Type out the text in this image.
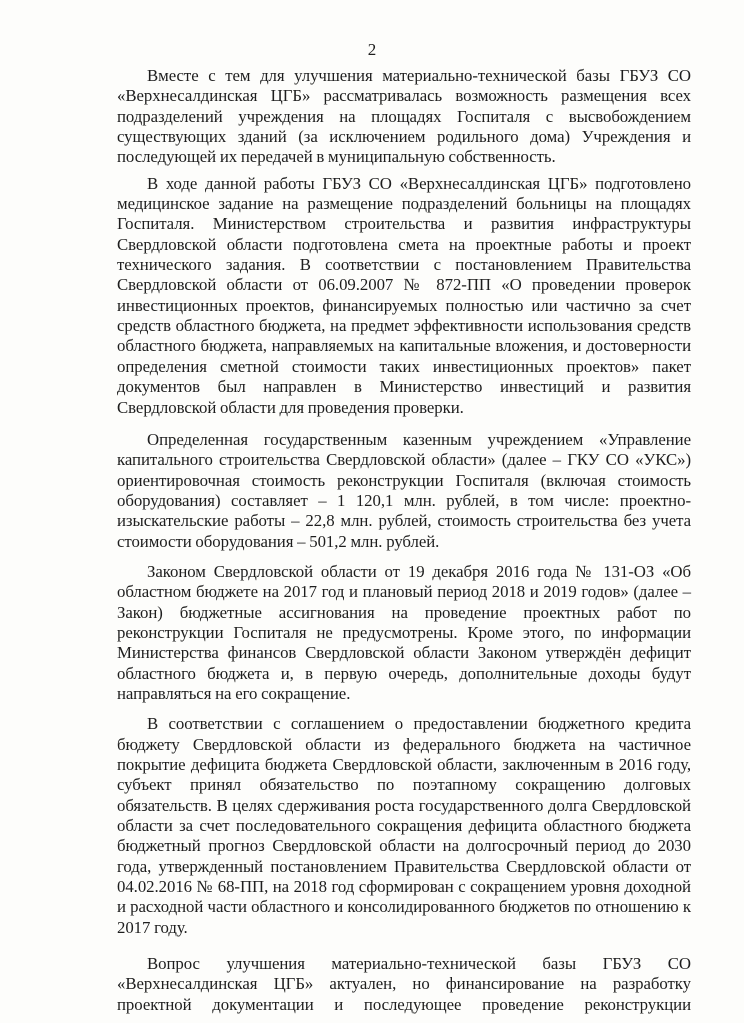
2

Вместе с тем для улучшения материально-технической базы ГБУЗ СО «Верхнесалдинская ЦГБ» рассматривалась возможность размещения всех подразделений учреждения на площадях Госпиталя с высвобождением существующих зданий (за исключением родильного дома) Учреждения и последующей их передачей в муниципальную собственность.

В ходе данной работы ГБУЗ СО «Верхнесалдинская ЦГБ» подготовлено медицинское задание на размещение подразделений больницы на площадях Госпиталя. Министерством строительства и развития инфраструктуры Свердловской области подготовлена смета на проектные работы и проект технического задания. В соответствии с постановлением Правительства Свердловской области от 06.09.2007 № 872-ПП «О проведении проверок инвестиционных проектов, финансируемых полностью или частично за счет средств областного бюджета, на предмет эффективности использования средств областного бюджета, направляемых на капитальные вложения, и достоверности определения сметной стоимости таких инвестиционных проектов» пакет документов был направлен в Министерство инвестиций и развития Свердловской области для проведения проверки.

Определенная государственным казенным учреждением «Управление капитального строительства Свердловской области» (далее – ГКУ СО «УКС») ориентировочная стоимость реконструкции Госпиталя (включая стоимость оборудования) составляет – 1 120,1 млн. рублей, в том числе: проектно-изыскательские работы – 22,8 млн. рублей, стоимость строительства без учета стоимости оборудования – 501,2 млн. рублей.

Законом Свердловской области от 19 декабря 2016 года № 131-ОЗ «Об областном бюджете на 2017 год и плановый период 2018 и 2019 годов» (далее – Закон) бюджетные ассигнования на проведение проектных работ по реконструкции Госпиталя не предусмотрены. Кроме этого, по информации Министерства финансов Свердловской области Законом утверждён дефицит областного бюджета и, в первую очередь, дополнительные доходы будут направляться на его сокращение.

В соответствии с соглашением о предоставлении бюджетного кредита бюджету Свердловской области из федерального бюджета на частичное покрытие дефицита бюджета Свердловской области, заключенным в 2016 году, субъект принял обязательство по поэтапному сокращению долговых обязательств. В целях сдерживания роста государственного долга Свердловской области за счет последовательного сокращения дефицита областного бюджета бюджетный прогноз Свердловской области на долгосрочный период до 2030 года, утвержденный постановлением Правительства Свердловской области от 04.02.2016 № 68-ПП, на 2018 год сформирован с сокращением уровня доходной и расходной части областного и консолидированного бюджетов по отношению к 2017 году.

Вопрос улучшения материально-технической базы ГБУЗ СО «Верхнесалдинская ЦГБ» актуален, но финансирование на разработку проектной документации и последующее проведение реконструкции
